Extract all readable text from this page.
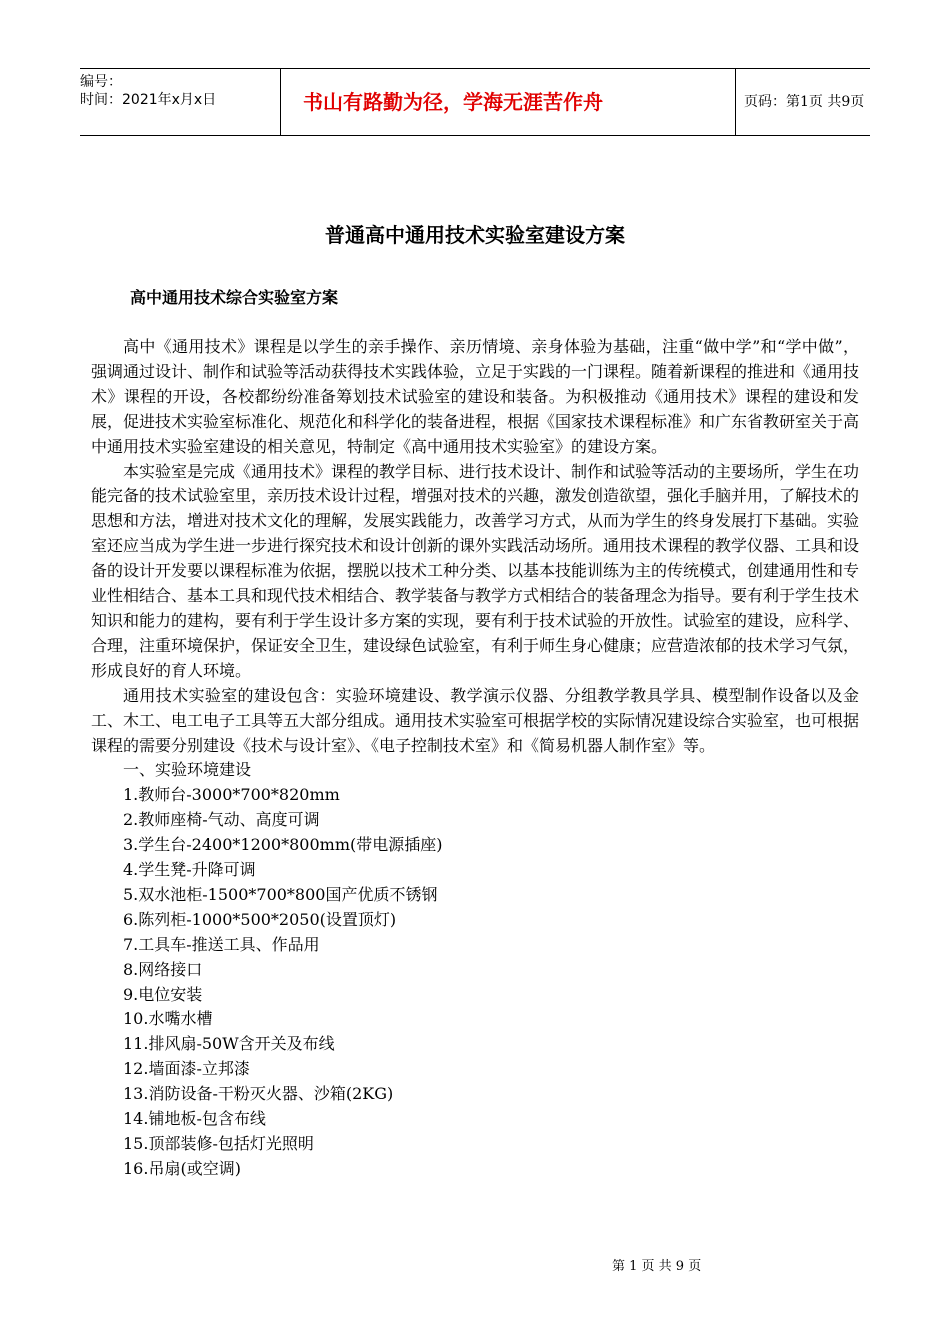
编号：
时间：2021年x月x日	书山有路勤为径，学海无涯苦作舟	页码：第1页 共9页
普通高中通用技术实验室建设方案
高中通用技术综合实验室方案

高中《通用技术》课程是以学生的亲手操作、亲历情境、亲身体验为基础，注重“做中学”和“学中做”，强调通过设计、制作和试验等活动获得技术实践体验，立足于实践的一门课程。随着新课程的推进和《通用技术》课程的开设，各校都纷纷准备筹划技术试验室的建设和装备。为积极推动《通用技术》课程的建设和发展，促进技术实验室标准化、规范化和科学化的装备进程，根据《国家技术课程标准》和广东省教研室关于高中通用技术实验室建设的相关意见，特制定《高中通用技术实验室》的建设方案。

本实验室是完成《通用技术》课程的教学目标、进行技术设计、制作和试验等活动的主要场所，学生在功能完备的技术试验室里，亲历技术设计过程，增强对技术的兴趣，激发创造欲望，强化手脑并用，了解技术的思想和方法，增进对技术文化的理解，发展实践能力，改善学习方式，从而为学生的终身发展打下基础。实验室还应当成为学生进一步进行探究技术和设计创新的课外实践活动场所。通用技术课程的教学仪器、工具和设备的设计开发要以课程标准为依据，摆脱以技术工种分类、以基本技能训练为主的传统模式，创建通用性和专业性相结合、基本工具和现代技术相结合、教学装备与教学方式相结合的装备理念为指导。要有利于学生技术知识和能力的建构，要有利于学生设计多方案的实现，要有利于技术试验的开放性。试验室的建设，应科学、合理，注重环境保护，保证安全卫生，建设绿色试验室，有利于师生身心健康；应营造浓郁的技术学习气氛，形成良好的育人环境。

通用技术实验室的建设包含：实验环境建设、教学演示仪器、分组教学教具学具、模型制作设备以及金工、木工、电工电子工具等五大部分组成。通用技术实验室可根据学校的实际情况建设综合实验室，也可根据课程的需要分别建设《技术与设计室》、《电子控制技术室》和《简易机器人制作室》等。

一、实验环境建设

1.教师台-3000*700*820mm

2.教师座椅-气动、高度可调

3.学生台-2400*1200*800mm(带电源插座)

4.学生凳-升降可调

5.双水池柜-1500*700*800国产优质不锈钢

6.陈列柜-1000*500*2050(设置顶灯)

7.工具车-推送工具、作品用

8.网络接口

9.电位安装

10.水嘴水槽

11.排风扇-50W含开关及布线

12.墙面漆-立邦漆

13.消防设备-干粉灭火器、沙箱(2KG)

14.铺地板-包含布线

15.顶部装修-包括灯光照明

16.吊扇(或空调)

第 1 页 共 9 页
